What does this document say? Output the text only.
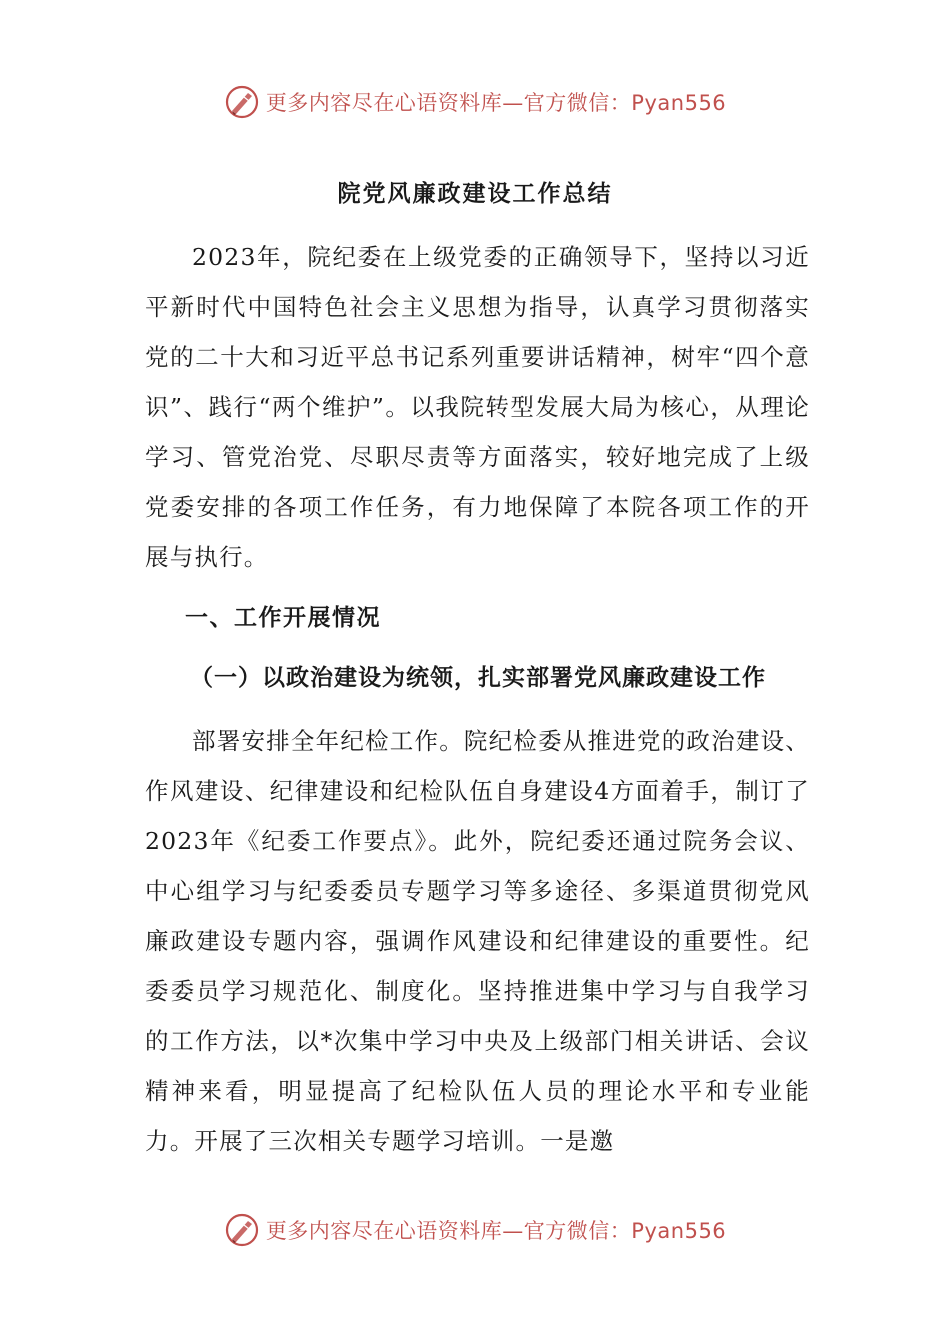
更多内容尽在心语资料库—官方微信：Pyan556
院党风廉政建设工作总结

2023年，院纪委在上级党委的正确领导下，坚持以习近平新时代中国特色社会主义思想为指导，认真学习贯彻落实党的二十大和习近平总书记系列重要讲话精神，树牢“四个意识”、践行“两个维护”。以我院转型发展大局为核心，从理论学习、管党治党、尽职尽责等方面落实，较好地完成了上级党委安排的各项工作任务，有力地保障了本院各项工作的开展与执行。

一、工作开展情况
（一）以政治建设为统领，扎实部署党风廉政建设工作

部署安排全年纪检工作。院纪检委从推进党的政治建设、作风建设、纪律建设和纪检队伍自身建设4方面着手，制订了2023年《纪委工作要点》。此外，院纪委还通过院务会议、中心组学习与纪委委员专题学习等多途径、多渠道贯彻党风廉政建设专题内容，强调作风建设和纪律建设的重要性。纪委委员学习规范化、制度化。坚持推进集中学习与自我学习的工作方法，以*次集中学习中央及上级部门相关讲话、会议精神来看，明显提高了纪检队伍人员的理论水平和专业能力。开展了三次相关专题学习培训。一是邀

更多内容尽在心语资料库—官方微信：Pyan556
